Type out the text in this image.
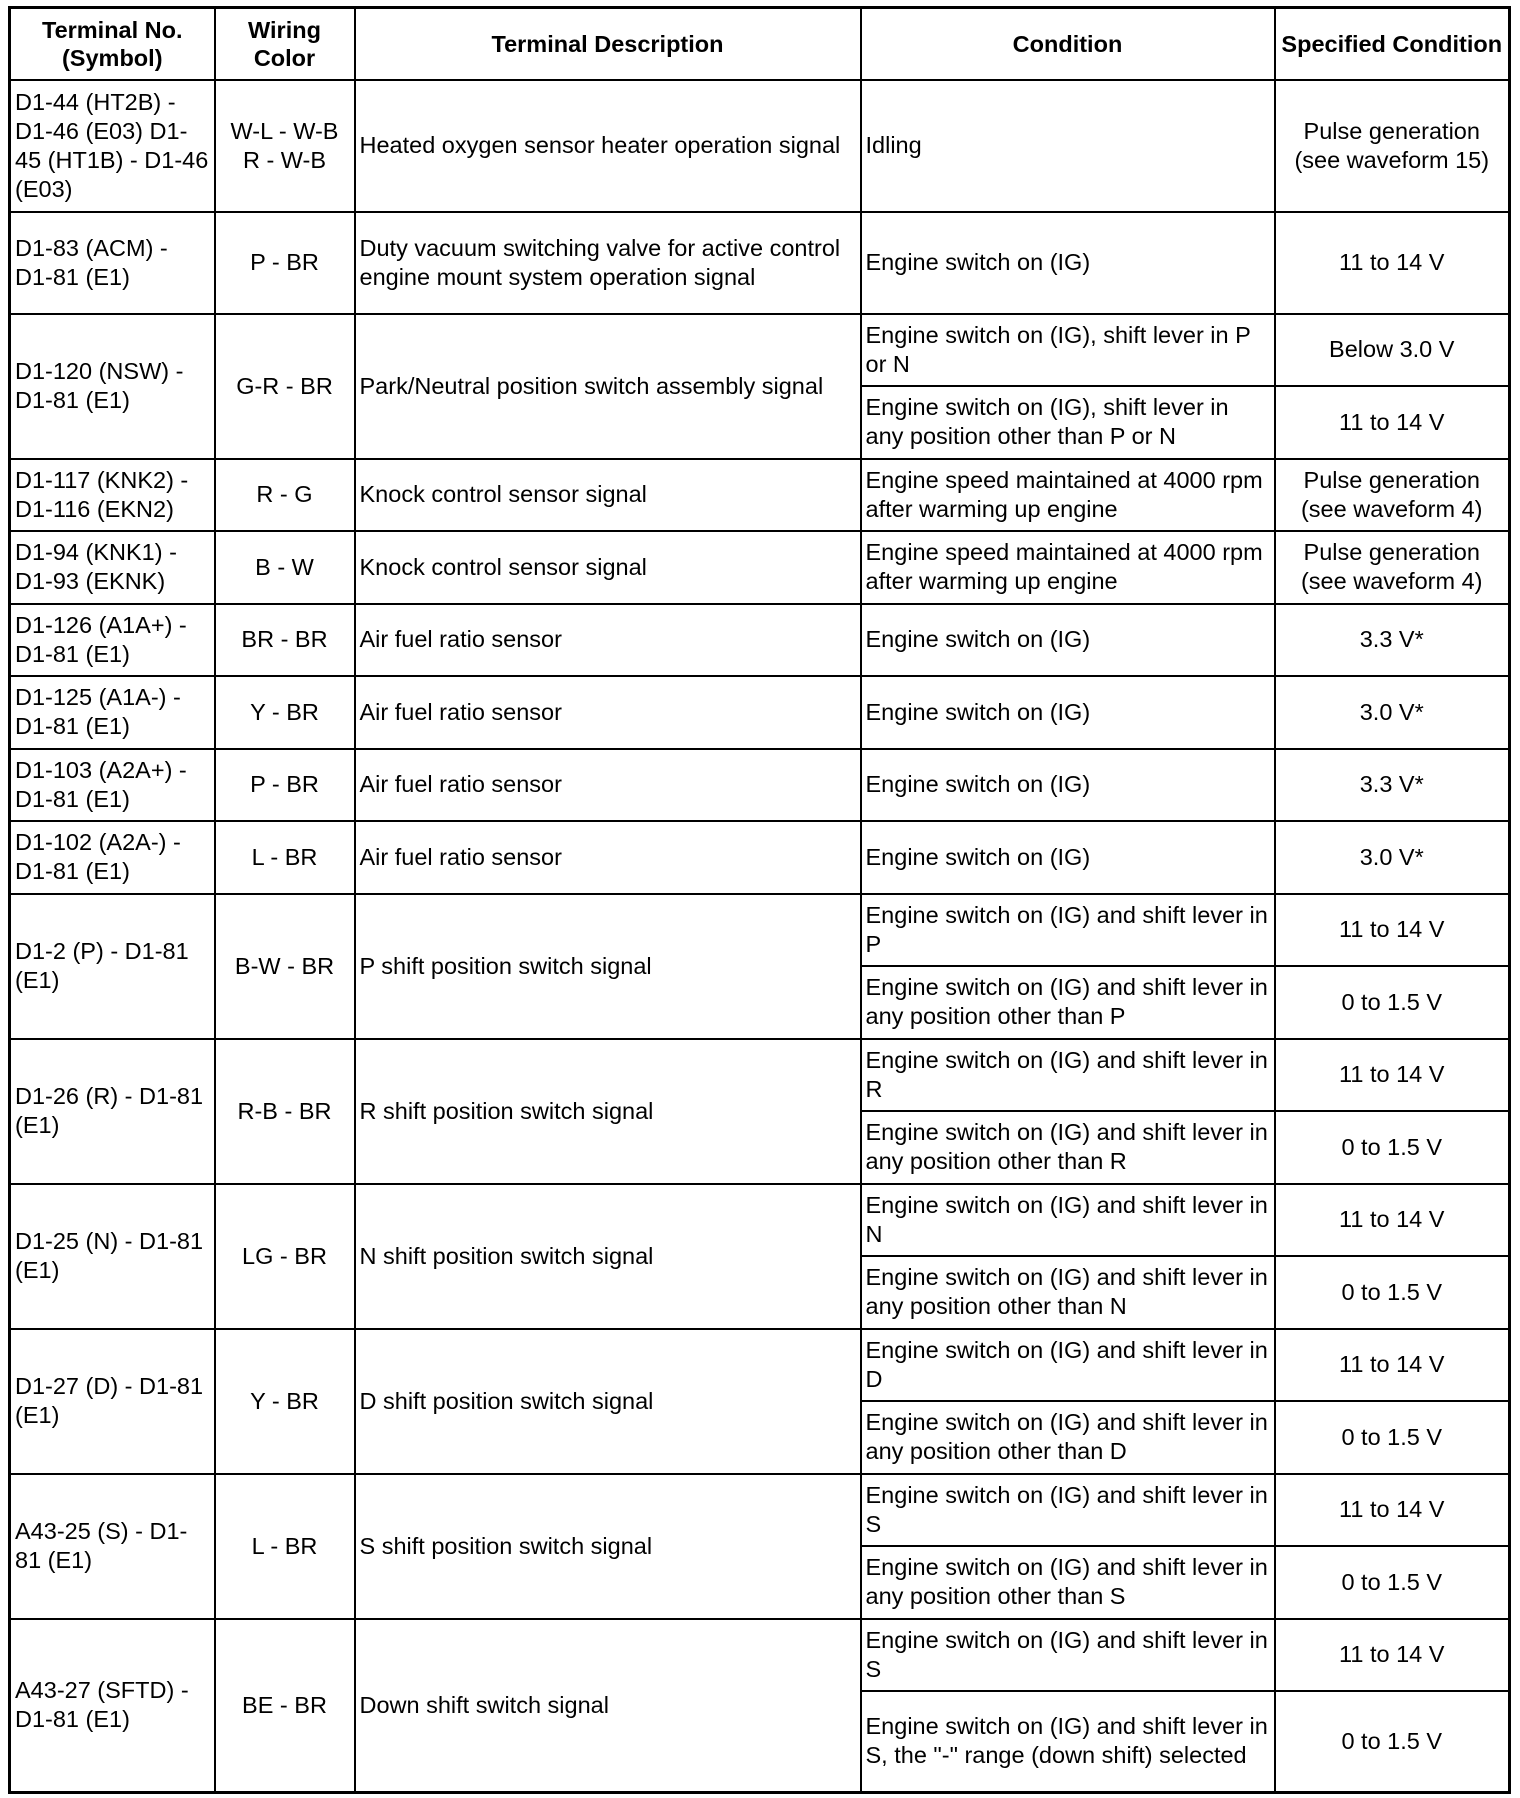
Terminal No. (Symbol)	Wiring Color	Terminal Description	Condition	Specified Condition
D1-44 (HT2B) - D1-46 (E03) D1-45 (HT1B) - D1-46 (E03)	W-L - W-B R - W-B	Heated oxygen sensor heater operation signal	Idling	Pulse generation (see waveform 15)
D1-83 (ACM) - D1-81 (E1)	P - BR	Duty vacuum switching valve for active control engine mount system operation signal	Engine switch on (IG)	11 to 14 V
D1-120 (NSW) - D1-81 (E1)	G-R - BR	Park/Neutral position switch assembly signal	Engine switch on (IG), shift lever in P or N	Below 3.0 V
			Engine switch on (IG), shift lever in any position other than P or N	11 to 14 V
D1-117 (KNK2) - D1-116 (EKN2)	R - G	Knock control sensor signal	Engine speed maintained at 4000 rpm after warming up engine	Pulse generation (see waveform 4)
D1-94 (KNK1) - D1-93 (EKNK)	B - W	Knock control sensor signal	Engine speed maintained at 4000 rpm after warming up engine	Pulse generation (see waveform 4)
D1-126 (A1A+) - D1-81 (E1)	BR - BR	Air fuel ratio sensor	Engine switch on (IG)	3.3 V*
D1-125 (A1A-) - D1-81 (E1)	Y - BR	Air fuel ratio sensor	Engine switch on (IG)	3.0 V*
D1-103 (A2A+) - D1-81 (E1)	P - BR	Air fuel ratio sensor	Engine switch on (IG)	3.3 V*
D1-102 (A2A-) - D1-81 (E1)	L - BR	Air fuel ratio sensor	Engine switch on (IG)	3.0 V*
D1-2 (P) - D1-81 (E1)	B-W - BR	P shift position switch signal	Engine switch on (IG) and shift lever in P	11 to 14 V
			Engine switch on (IG) and shift lever in any position other than P	0 to 1.5 V
D1-26 (R) - D1-81 (E1)	R-B - BR	R shift position switch signal	Engine switch on (IG) and shift lever in R	11 to 14 V
			Engine switch on (IG) and shift lever in any position other than R	0 to 1.5 V
D1-25 (N) - D1-81 (E1)	LG - BR	N shift position switch signal	Engine switch on (IG) and shift lever in N	11 to 14 V
			Engine switch on (IG) and shift lever in any position other than N	0 to 1.5 V
D1-27 (D) - D1-81 (E1)	Y - BR	D shift position switch signal	Engine switch on (IG) and shift lever in D	11 to 14 V
			Engine switch on (IG) and shift lever in any position other than D	0 to 1.5 V
A43-25 (S) - D1-81 (E1)	L - BR	S shift position switch signal	Engine switch on (IG) and shift lever in S	11 to 14 V
			Engine switch on (IG) and shift lever in any position other than S	0 to 1.5 V
A43-27 (SFTD) - D1-81 (E1)	BE - BR	Down shift switch signal	Engine switch on (IG) and shift lever in S	11 to 14 V
			Engine switch on (IG) and shift lever in S, the "-" range (down shift) selected	0 to 1.5 V
